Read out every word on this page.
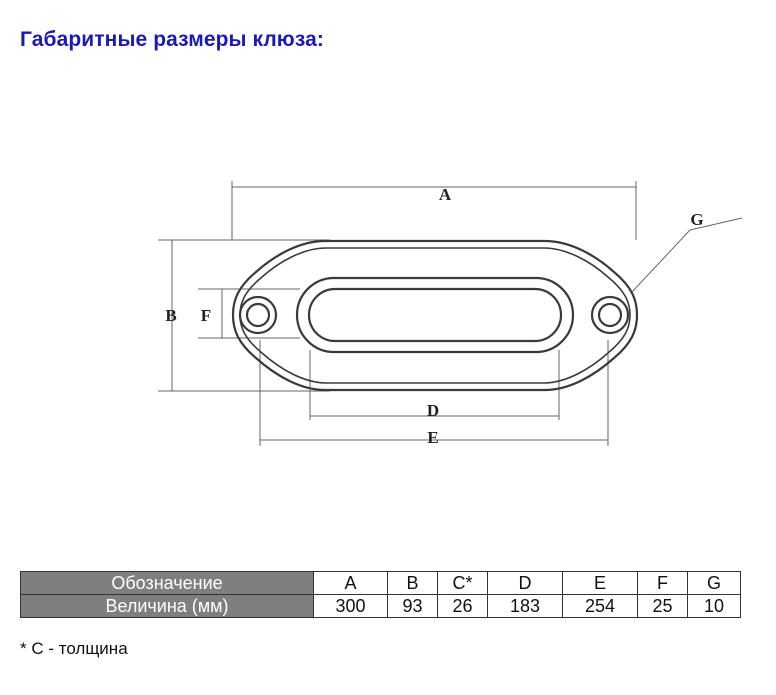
Габаритные размеры клюза:
A
B F
G
D
E
Обозначение	A	B	C*	D	E	F	G
Величина (мм)	300	93	26	183	254	25	10

* С - толщина
